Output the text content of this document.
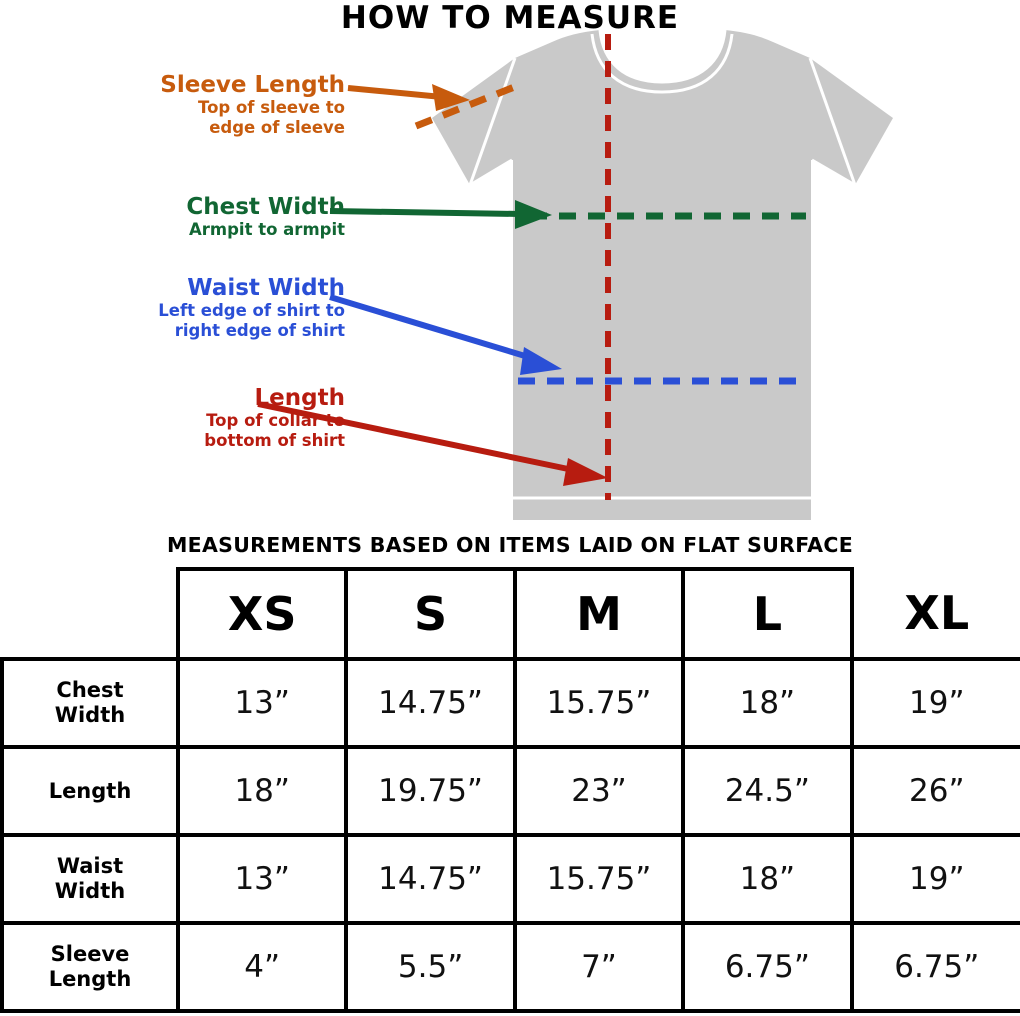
HOW TO MEASURE
Sleeve Length
Top of sleeve to
edge of sleeve
Chest Width
Armpit to armpit
Waist Width
Left edge of shirt to
right edge of shirt
Length
Top of collar to
bottom of shirt
MEASUREMENTS BASED ON ITEMS LAID ON FLAT SURFACE
	XS	S	M	L	XL
Chest
Width	13”	14.75”	15.75”	18”	19”
Length	18”	19.75”	23”	24.5”	26”
Waist
Width	13”	14.75”	15.75”	18”	19”
Sleeve
Length	4”	5.5”	7”	6.75”	6.75”
